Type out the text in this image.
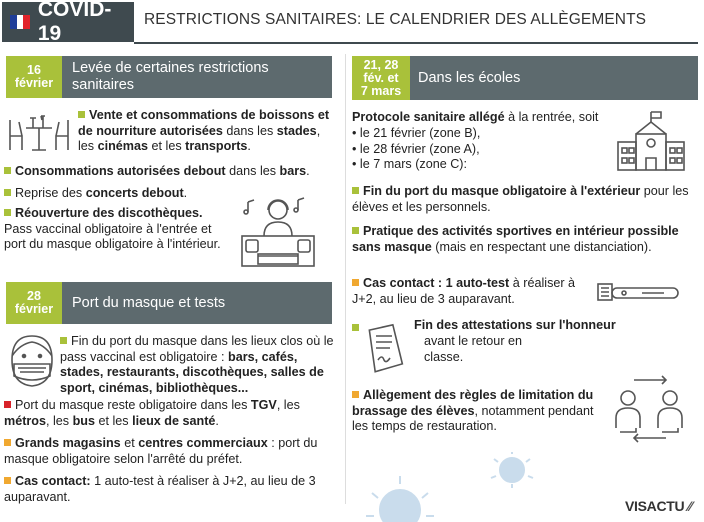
COVID-19
RESTRICTIONS SANITAIRES: LE CALENDRIER DES ALLÈGEMENTS
16
février
Levée de certaines restrictions sanitaires
Vente et consommations de boissons et de nourriture autorisées dans les stades, les cinémas et les transports.
Consommations autorisées debout dans les bars.
Reprise des concerts debout.
Réouverture des discothèques.
Pass vaccinal obligatoire à l'entrée et port du masque obligatoire à l'intérieur.
28
février	Port du masque et tests
Fin du port du masque dans les lieux clos où le pass vaccinal est obligatoire : bars, cafés, stades, restaurants, discothèques, salles de sport, cinémas, bibliothèques...
Port du masque reste obligatoire dans les TGV, les métros, les bus et les lieux de santé.
Grands magasins et centres commerciaux : port du masque obligatoire selon l'arrêté du préfet.
Cas contact: 1 auto-test à réaliser à J+2, au lieu de 3 auparavant.
21, 28
fév. et
7 mars
Dans les écoles
Protocole sanitaire allégé à la rentrée, soit
• le 21 février (zone B),
• le 28 février (zone A),
• le 7 mars (zone C):
Fin du port du masque obligatoire à l'extérieur pour les élèves et les personnels.
Pratique des activités sportives en intérieur possible sans masque (mais en respectant une distanciation).
Cas contact : 1 auto-test à réaliser à J+2, au lieu de 3 auparavant.
Fin des attestations sur l'honneur
avant le retour en classe.
Allègement des règles de limitation du brassage des élèves, notamment pendant les temps de restauration.
VISACTU ⁄⁄
